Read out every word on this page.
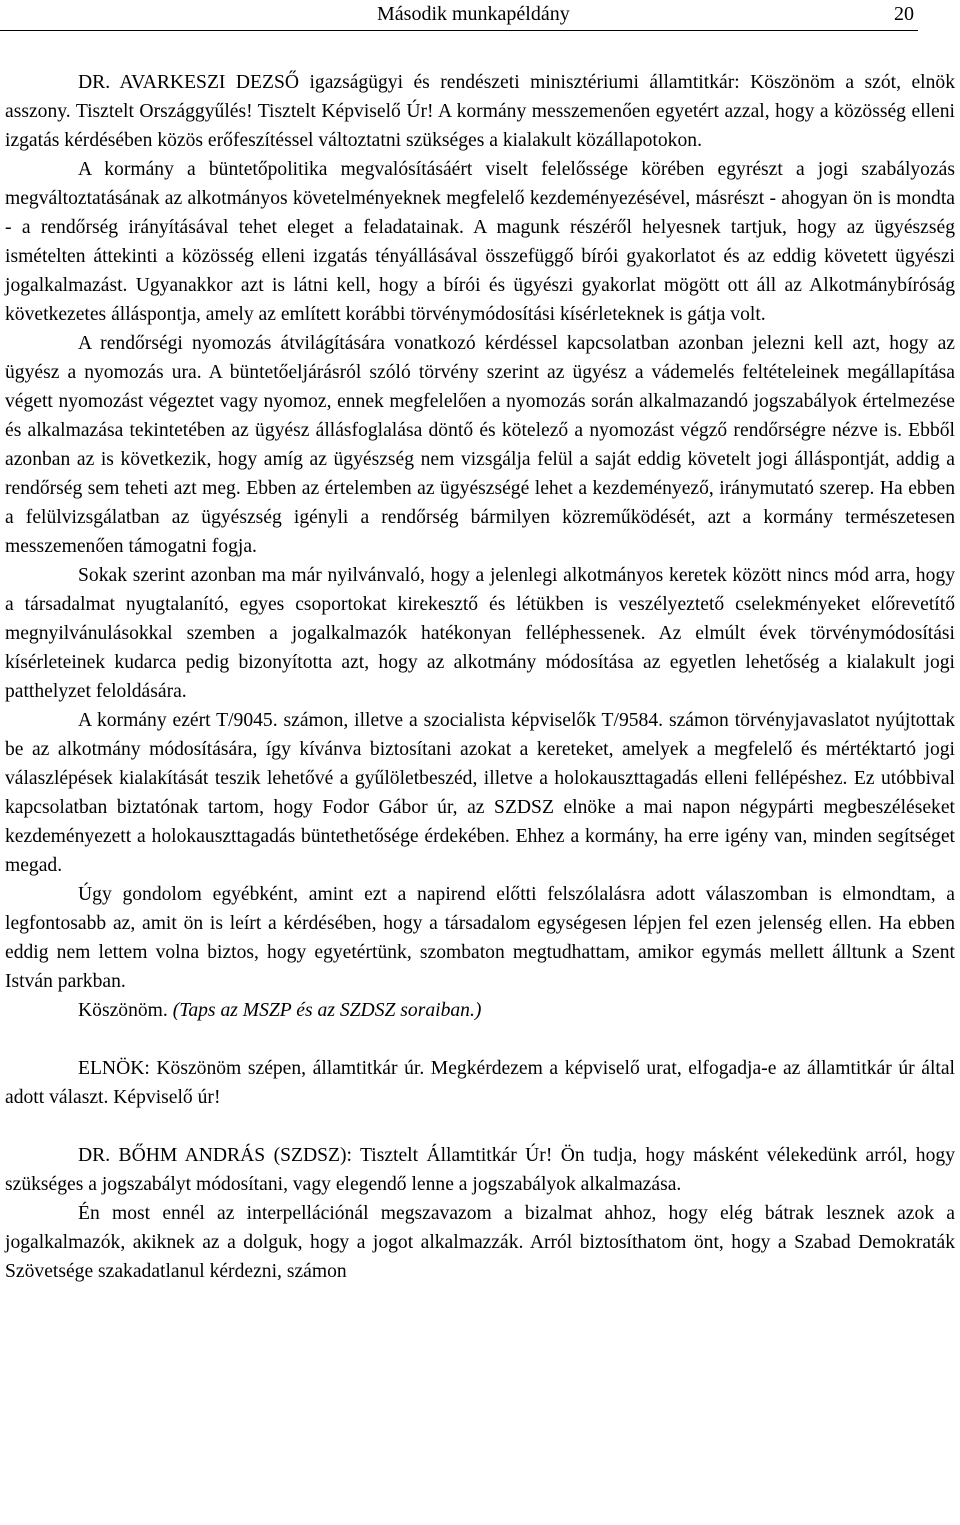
Második munkapéldány	20

DR. AVARKESZI DEZSŐ igazságügyi és rendészeti minisztériumi államtitkár: Köszönöm a szót, elnök asszony. Tisztelt Országgyűlés! Tisztelt Képviselő Úr! A kormány messzemenően egyetért azzal, hogy a közösség elleni izgatás kérdésében közös erőfeszítéssel változtatni szükséges a kialakult közállapotokon.

A kormány a büntetőpolitika megvalósításáért viselt felelőssége körében egyrészt a jogi szabályozás megváltoztatásának az alkotmányos követelményeknek megfelelő kezdeményezésével, másrészt - ahogyan ön is mondta - a rendőrség irányításával tehet eleget a feladatainak. A magunk részéről helyesnek tartjuk, hogy az ügyészség ismételten áttekinti a közösség elleni izgatás tényállásával összefüggő bírói gyakorlatot és az eddig követett ügyészi jogalkalmazást. Ugyanakkor azt is látni kell, hogy a bírói és ügyészi gyakorlat mögött ott áll az Alkotmánybíróság következetes álláspontja, amely az említett korábbi törvénymódosítási kísérleteknek is gátja volt.

A rendőrségi nyomozás átvilágítására vonatkozó kérdéssel kapcsolatban azonban jelezni kell azt, hogy az ügyész a nyomozás ura. A büntetőeljárásról szóló törvény szerint az ügyész a vádemelés feltételeinek megállapítása végett nyomozást végeztet vagy nyomoz, ennek megfelelően a nyomozás során alkalmazandó jogszabályok értelmezése és alkalmazása tekintetében az ügyész állásfoglalása döntő és kötelező a nyomozást végző rendőrségre nézve is. Ebből azonban az is következik, hogy amíg az ügyészség nem vizsgálja felül a saját eddig követelt jogi álláspontját, addig a rendőrség sem teheti azt meg. Ebben az értelemben az ügyészségé lehet a kezdeményező, iránymutató szerep. Ha ebben a felülvizsgálatban az ügyészség igényli a rendőrség bármilyen közreműködését, azt a kormány természetesen messzemenően támogatni fogja.

Sokak szerint azonban ma már nyilvánvaló, hogy a jelenlegi alkotmányos keretek között nincs mód arra, hogy a társadalmat nyugtalanító, egyes csoportokat kirekesztő és létükben is veszélyeztető cselekményeket előrevetítő megnyilvánulásokkal szemben a jogalkalmazók hatékonyan felléphessenek. Az elmúlt évek törvénymódosítási kísérleteinek kudarca pedig bizonyította azt, hogy az alkotmány módosítása az egyetlen lehetőség a kialakult jogi patthelyzet feloldására.

A kormány ezért T/9045. számon, illetve a szocialista képviselők T/9584. számon törvényjavaslatot nyújtottak be az alkotmány módosítására, így kívánva biztosítani azokat a kereteket, amelyek a megfelelő és mértéktartó jogi válaszlépések kialakítását teszik lehetővé a gyűlöletbeszéd, illetve a holokauszttagadás elleni fellépéshez. Ez utóbbival kapcsolatban biztatónak tartom, hogy Fodor Gábor úr, az SZDSZ elnöke a mai napon négypárti megbeszéléseket kezdeményezett a holokauszttagadás büntethetősége érdekében. Ehhez a kormány, ha erre igény van, minden segítséget megad.

Úgy gondolom egyébként, amint ezt a napirend előtti felszólalásra adott válaszomban is elmondtam, a legfontosabb az, amit ön is leírt a kérdésében, hogy a társadalom egységesen lépjen fel ezen jelenség ellen. Ha ebben eddig nem lettem volna biztos, hogy egyetértünk, szombaton megtudhattam, amikor egymás mellett álltunk a Szent István parkban.

Köszönöm. (Taps az MSZP és az SZDSZ soraiban.)

ELNÖK: Köszönöm szépen, államtitkár úr. Megkérdezem a képviselő urat, elfogadja-e az államtitkár úr által adott választ. Képviselő úr!

DR. BŐHM ANDRÁS (SZDSZ): Tisztelt Államtitkár Úr! Ön tudja, hogy másként vélekedünk arról, hogy szükséges a jogszabályt módosítani, vagy elegendő lenne a jogszabályok alkalmazása.

Én most ennél az interpellációnál megszavazom a bizalmat ahhoz, hogy elég bátrak lesznek azok a jogalkalmazók, akiknek az a dolguk, hogy a jogot alkalmazzák. Arról biztosíthatom önt, hogy a Szabad Demokraták Szövetsége szakadatlanul kérdezni, számon
